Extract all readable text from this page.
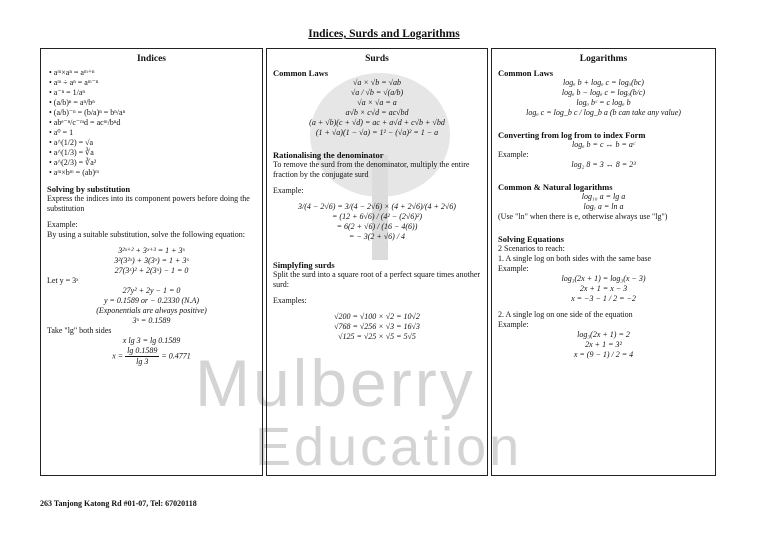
Indices, Surds and Logarithms
Mulberry
Education
Indices
• aᵐ×aⁿ = aᵐ⁺ⁿ
• aᵐ ÷ aⁿ = aᵐ⁻ⁿ
• a⁻ⁿ = 1/aⁿ
• (a/b)ⁿ = aⁿ/bⁿ
• (a/b)⁻ⁿ = (b/a)ⁿ = bⁿ/aⁿ
• abᵉ⁻ⁿ/c⁻ᵐd = acᵐ/bⁿd
• a⁰ = 1
• a^(1/2) = √a
• a^(1/3) = ∛a
• a^(2/3) = ∛a²
• aᵐ×bᵐ = (ab)ᵐ
Solving by substitution
Express the indices into its component powers before doing the substitution
Example:
By using a suitable substitution, solve the following equation:
3²ˣ⁺² + 3ˣ⁺³ = 1 + 3ˣ
3²(3²ˣ) + 3(3ˣ) = 1 + 3ˣ
27(3ˣ)² + 2(3ˣ) − 1 = 0
Let y = 3ˣ
27y² + 2y − 1 = 0
y = 0.1589 or − 0.2330 (N.A)
(Exponentials are always positive)
3ˣ = 0.1589
Take "lg" both sides
x lg 3 = lg 0.1589
$x = \frac{\lg 0.1589}{\lg 3} = 0.4771$
Surds
Common Laws
√a × √b = √ab
√a / √b = √(a/b)
√a × √a = a
a√b × c√d = ac√bd
(a + √b)(c + √d) = ac + a√d + c√b + √bd
(1 + √a)(1 − √a) = 1² − (√a)² = 1 − a
Rationalising the denominator
To remove the surd from the denominator, multiply the entire fraction by the conjugate surd
Example:
3/(4 − 2√6) = 3/(4 − 2√6) × (4 + 2√6)/(4 + 2√6)
= (12 + 6√6) / (4² − (2√6)²)
= 6(2 + √6) / (16 − 4(6))
= − 3(2 + √6) / 4
Simplyfing surds
Split the surd into a square root of a perfect square times another surd:
Examples:
√200 = √100 × √2 = 10√2
√768 = √256 × √3 = 16√3
√125 = √25 × √5 = 5√5
Logarithms
Common Laws
logₐ b + logₐ c = logₐ(bc)
logₐ b − logₐ c = logₐ(b/c)
logₐ bᶜ = c logₐ b
logₐ c = log_b c / log_b a (b can take any value)
Converting from log from to index Form
logₐ b = c ↔ b = aᶜ
Example:
log₂ 8 = 3 ↔ 8 = 2³
Common & Natural logarithms
log₁₀ a = lg a
logₑ a = ln a
(Use "ln" when there is e, otherwise always use "lg")
Solving Equations
2 Scenarios to reach:
1. A single log on both sides with the same base
Example:
log₃(2x + 1) = log₃(x − 3)
2x + 1 = x − 3
x = −3 − 1 / 2 = −2
2. A single log on one side of the equation
Example:
log₃(2x + 1) = 2
2x + 1 = 3²
x = (9 − 1) / 2 = 4
263 Tanjong Katong Rd #01-07, Tel: 67020118
